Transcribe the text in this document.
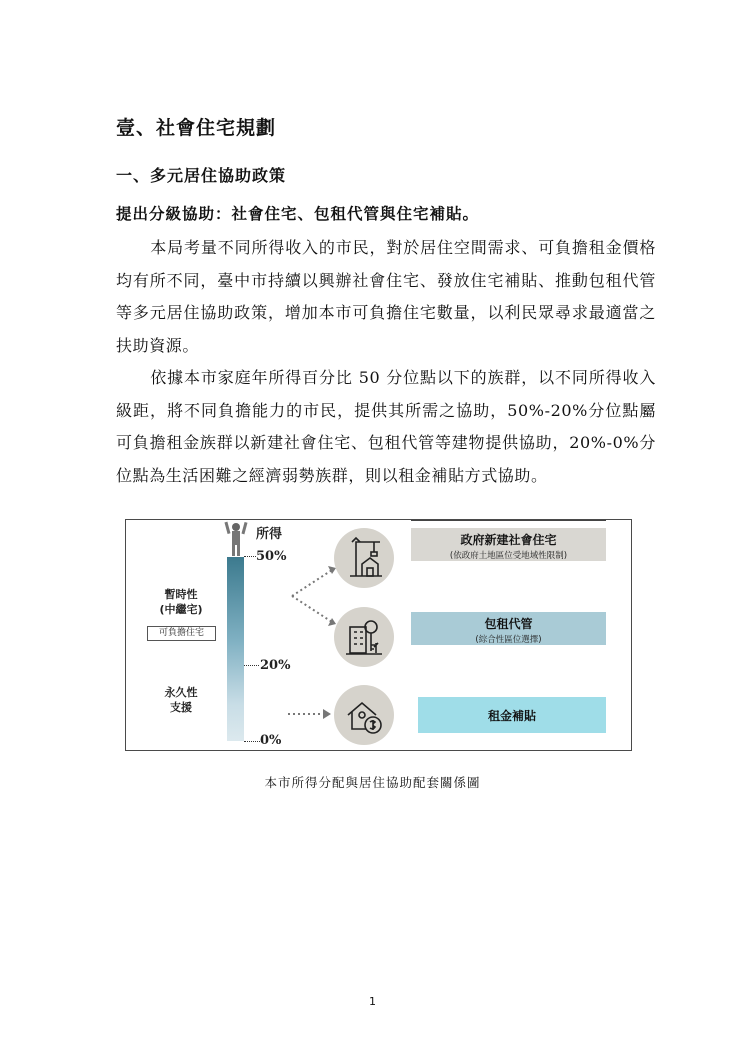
壹、社會住宅規劃
一、多元居住協助政策
提出分級協助：社會住宅、包租代管與住宅補貼。

本局考量不同所得收入的市民，對於居住空間需求、可負擔租金價格均有所不同，臺中市持續以興辦社會住宅、發放住宅補貼、推動包租代管等多元居住協助政策，增加本市可負擔住宅數量，以利民眾尋求最適當之扶助資源。

依據本市家庭年所得百分比 50 分位點以下的族群，以不同所得收入級距，將不同負擔能力的市民，提供其所需之協助，50%-20%分位點屬可負擔租金族群以新建社會住宅、包租代管等建物提供協助，20%-0%分位點為生活困難之經濟弱勢族群，則以租金補貼方式協助。

所得
50%
20%
0%
暫時性
(中繼宅)
可負擔住宅
永久性
支援
政府新建社會住宅
(依政府土地區位受地域性限制)
包租代管
(綜合性區位選擇)
租金補貼
本市所得分配與居住協助配套關係圖
1
